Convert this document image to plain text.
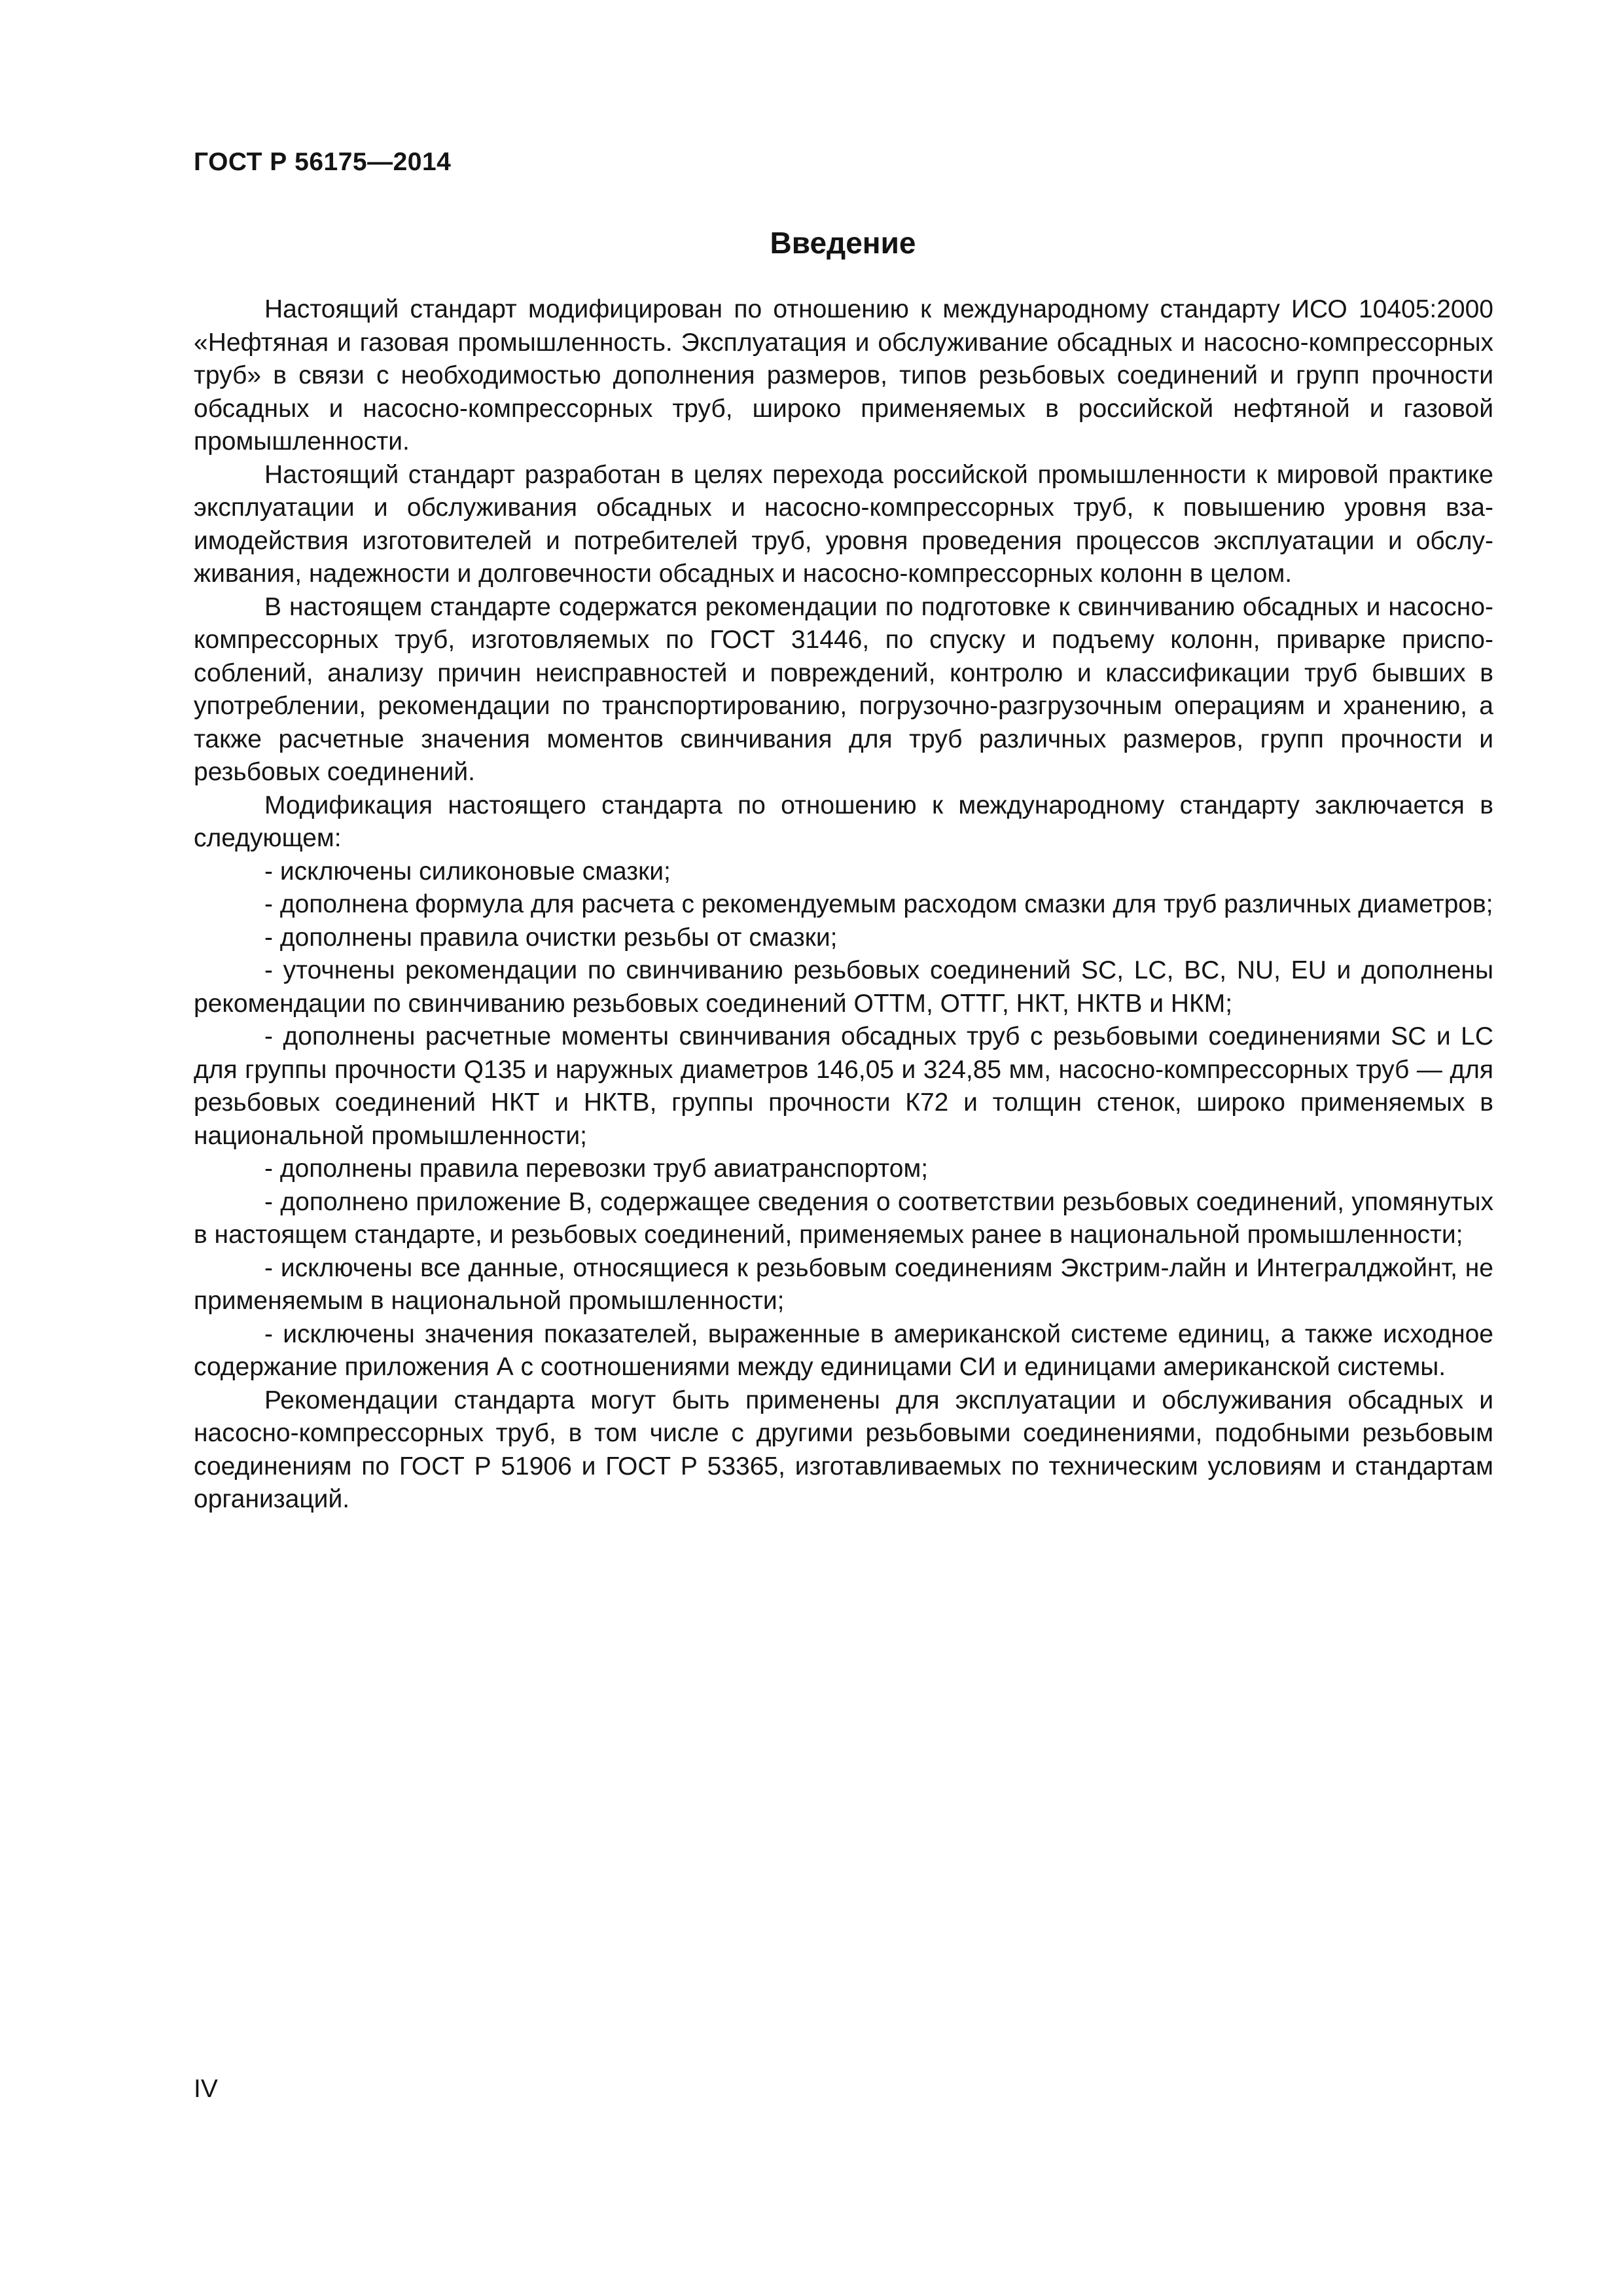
ГОСТ Р 56175—2014
Введение

Настоящий стандарт модифицирован по отношению к международному стандарту ИСО 10405:2000 «Нефтяная и газовая промышленность. Эксплуатация и обслуживание обсадных и насосно-компрессорных труб» в связи с необходимостью дополнения размеров, типов резьбовых соединений и групп прочности обсадных и насосно-компрессорных труб, широко применяемых в российской нефтяной и газовой промышленности.

Настоящий стандарт разработан в целях перехода российской промышленности к мировой практике эксплуатации и обслуживания обсадных и насосно-компрессорных труб, к повышению уровня взаимодействия изготовителей и потребителей труб, уровня проведения процессов эксплуатации и обслуживания, надежности и долговечности обсадных и насосно-компрессорных колонн в целом.

В настоящем стандарте содержатся рекомендации по подготовке к свинчиванию обсадных и насосно-компрессорных труб, изготовляемых по ГОСТ 31446, по спуску и подъему колонн, приварке приспособлений, анализу причин неисправностей и повреждений, контролю и классификации труб бывших в употреблении, рекомендации по транспортированию, погрузочно-разгрузочным операциям и хранению, а также расчетные значения моментов свинчивания для труб различных размеров, групп прочности и резьбовых соединений.

Модификация настоящего стандарта по отношению к международному стандарту заключается в следующем:

- исключены силиконовые смазки;

- дополнена формула для расчета с рекомендуемым расходом смазки для труб различных диаметров;

- дополнены правила очистки резьбы от смазки;

- уточнены рекомендации по свинчиванию резьбовых соединений SC, LC, BC, NU, EU и дополнены рекомендации по свинчиванию резьбовых соединений ОТТМ, ОТТГ, НКТ, НКТВ и НКМ;

- дополнены расчетные моменты свинчивания обсадных труб с резьбовыми соединениями SC и LC для группы прочности Q135 и наружных диаметров 146,05 и 324,85 мм, насосно-компрессорных труб — для резьбовых соединений НКТ и НКТВ, группы прочности К72 и толщин стенок, широко применяемых в национальной промышленности;

- дополнены правила перевозки труб авиатранспортом;

- дополнено приложение В, содержащее сведения о соответствии резьбовых соединений, упомянутых в настоящем стандарте, и резьбовых соединений, применяемых ранее в национальной промышленности;

- исключены все данные, относящиеся к резьбовым соединениям Экстрим-лайн и Интегралджойнт, не применяемым в национальной промышленности;

- исключены значения показателей, выраженные в американской системе единиц, а также исходное содержание приложения А с соотношениями между единицами СИ и единицами американской системы.

Рекомендации стандарта могут быть применены для эксплуатации и обслуживания обсадных и насосно-компрессорных труб, в том числе с другими резьбовыми соединениями, подобными резьбовым соединениям по ГОСТ Р 51906 и ГОСТ Р 53365, изготавливаемых по техническим условиям и стандартам организаций.

IV
